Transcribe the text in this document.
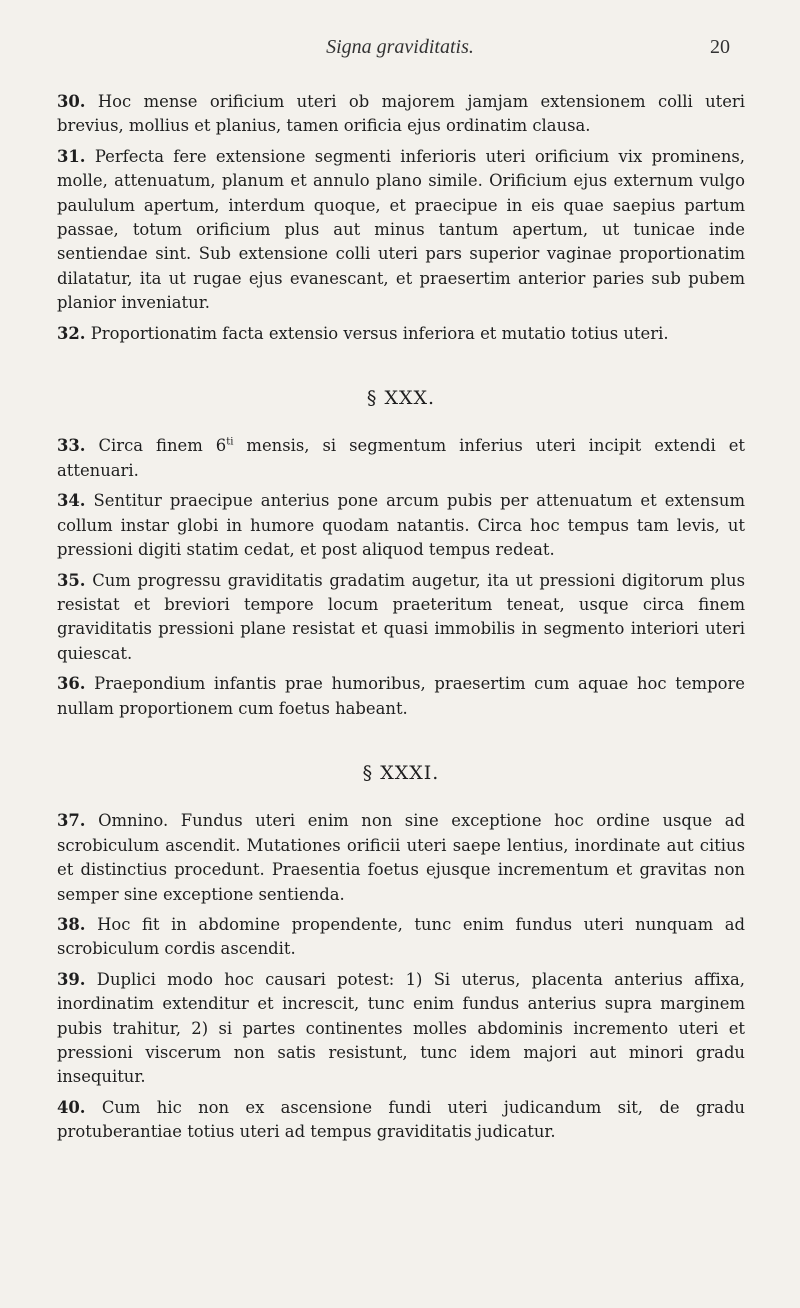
Signa graviditatis.	20

30. Hoc mense orificium uteri ob majorem jamjam extensionem colli uteri brevius, mollius et planius, tamen orificia ejus ordinatim clausa.

31. Perfecta fere extensione segmenti inferioris uteri orificium vix prominens, molle, attenuatum, planum et annulo plano simile. Orificium ejus externum vulgo paululum apertum, interdum quoque, et praecipue in eis quae saepius partum passae, totum orificium plus aut minus tantum apertum, ut tunicae inde sentiendae sint. Sub extensione colli uteri pars superior vaginae proportionatim dilatatur, ita ut rugae ejus evanescant, et praesertim anterior paries sub pubem planior inveniatur.

32. Proportionatim facta extensio versus inferiora et mutatio totius uteri.

§ XXX.

33. Circa finem $6^{ti}$ mensis, si segmentum inferius uteri incipit extendi et attenuari.

34. Sentitur praecipue anterius pone arcum pubis per attenuatum et extensum collum instar globi in humore quodam natantis. Circa hoc tempus tam levis, ut pressioni digiti statim cedat, et post aliquod tempus redeat.

35. Cum progressu graviditatis gradatim augetur, ita ut pressioni digitorum plus resistat et breviori tempore locum praeteritum teneat, usque circa finem graviditatis pressioni plane resistat et quasi immobilis in segmento interiori uteri quiescat.

36. Praepondium infantis prae humoribus, praesertim cum aquae hoc tempore nullam proportionem cum foetus habeant.

§ XXXI.

37. Omnino. Fundus uteri enim non sine exceptione hoc ordine usque ad scrobiculum ascendit. Mutationes orificii uteri saepe lentius, inordinate aut citius et distinctius procedunt. Praesentia foetus ejusque incrementum et gravitas non semper sine exceptione sentienda.

38. Hoc fit in abdomine propendente, tunc enim fundus uteri nunquam ad scrobiculum cordis ascendit.

39. Duplici modo hoc causari potest: 1) Si uterus, placenta anterius affixa, inordinatim extenditur et increscit, tunc enim fundus anterius supra marginem pubis trahitur, 2) si partes continentes molles abdominis incremento uteri et pressioni viscerum non satis resistunt, tunc idem majori aut minori gradu insequitur.

40. Cum hic non ex ascensione fundi uteri judicandum sit, de gradu protuberantiae totius uteri ad tempus graviditatis judicatur.
